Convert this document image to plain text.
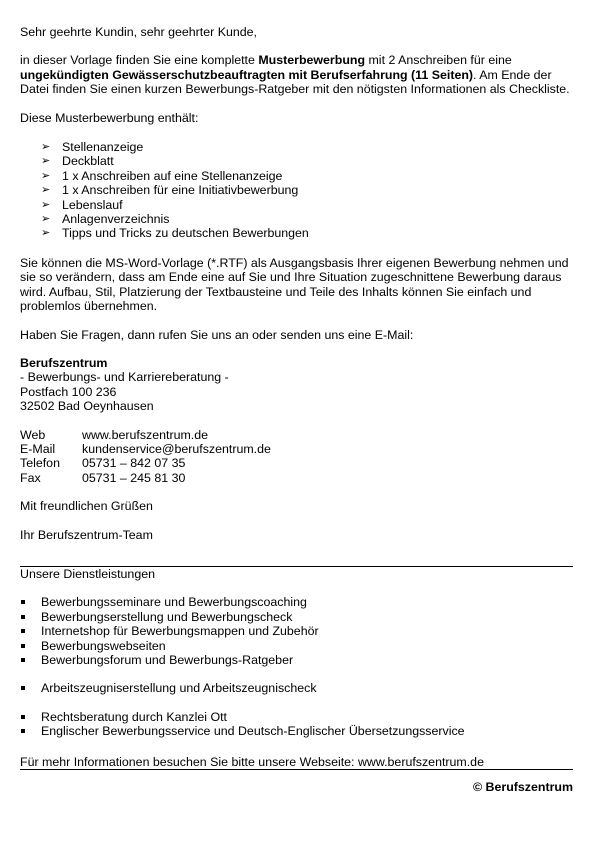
Sehr geehrte Kundin, sehr geehrter Kunde,

in dieser Vorlage finden Sie eine komplette Musterbewerbung mit 2 Anschreiben für eine ungekündigten Gewässerschutzbeauftragten mit Berufserfahrung (11 Seiten). Am Ende der Datei finden Sie einen kurzen Bewerbungs-Ratgeber mit den nötigsten Informationen als Checkliste.

Diese Musterbewerbung enthält:

➢ Stellenanzeige
➢ Deckblatt
➢ 1 x Anschreiben auf eine Stellenanzeige
➢ 1 x Anschreiben für eine Initiativbewerbung
➢ Lebenslauf
➢ Anlagenverzeichnis
➢ Tipps und Tricks zu deutschen Bewerbungen

Sie können die MS-Word-Vorlage (*.RTF) als Ausgangsbasis Ihrer eigenen Bewerbung nehmen und sie so verändern, dass am Ende eine auf Sie und Ihre Situation zugeschnittene Bewerbung daraus wird. Aufbau, Stil, Platzierung der Textbausteine und Teile des Inhalts können Sie einfach und problemlos übernehmen.

Haben Sie Fragen, dann rufen Sie uns an oder senden uns eine E-Mail:

Berufszentrum

- Bewerbungs- und Karriereberatung -

Postfach 100 236

32502 Bad Oeynhausen

Web	www.berufszentrum.de
E-Mail	kundenservice@berufszentrum.de
Telefon	05731 – 842 07 35
Fax	05731 – 245 81 30

Mit freundlichen Grüßen

Ihr Berufszentrum-Team

Unsere Dienstleistungen

Bewerbungsseminare und Bewerbungscoaching
Bewerbungserstellung und Bewerbungscheck
Internetshop für Bewerbungsmappen und Zubehör
Bewerbungswebseiten
Bewerbungsforum und Bewerbungs-Ratgeber
Arbeitszeugniserstellung und Arbeitszeugnischeck
Rechtsberatung durch Kanzlei Ott
Englischer Bewerbungsservice und Deutsch-Englischer Übersetzungsservice

Für mehr Informationen besuchen Sie bitte unsere Webseite: www.berufszentrum.de

© Berufszentrum
